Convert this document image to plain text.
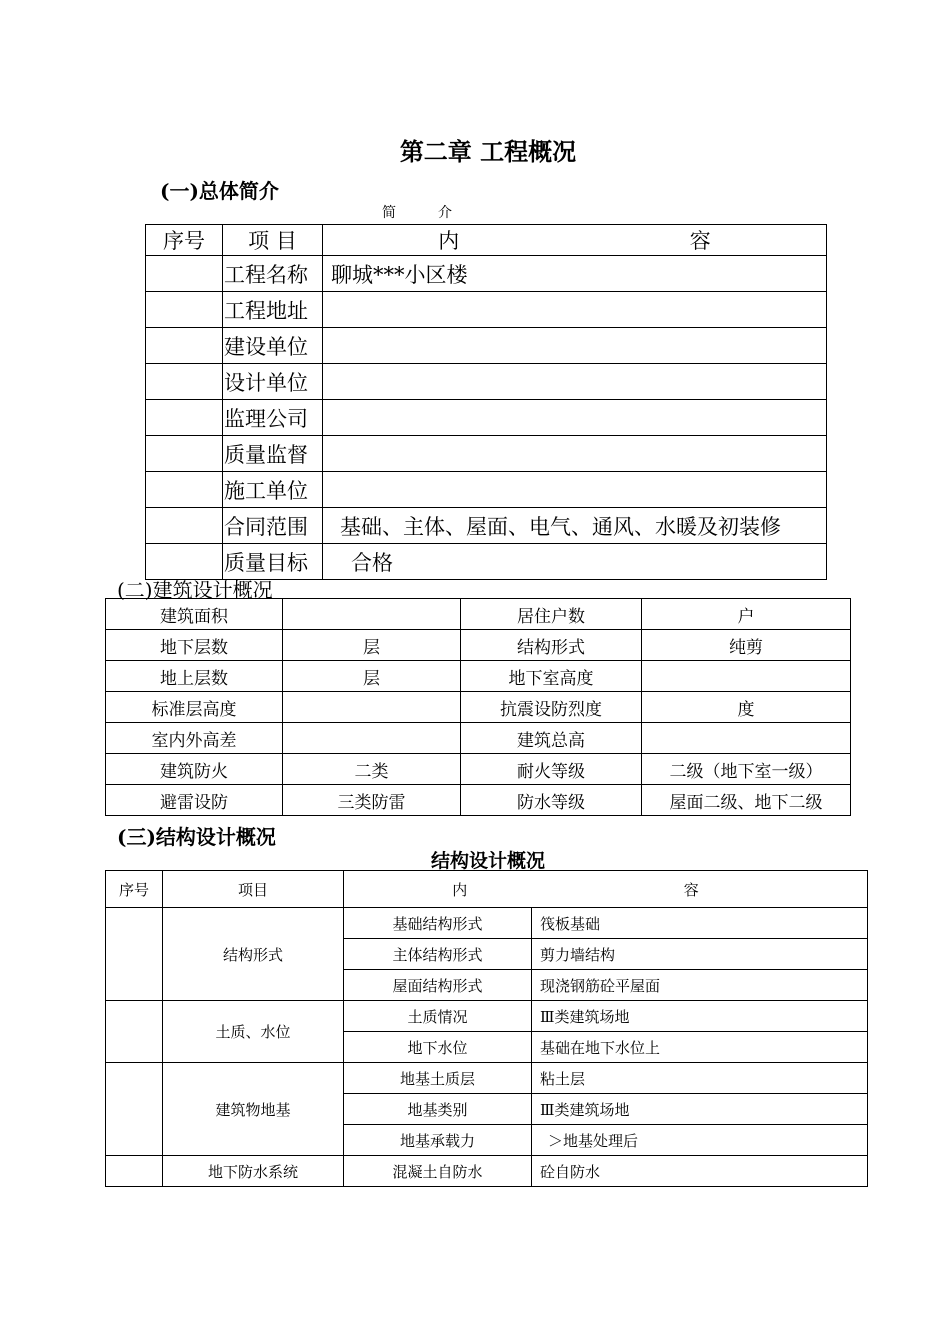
第二章 工程概况
(一)总体简介
简　　　介
序号	项 目	内 容

	工程名称	聊城***小区楼
	工程地址	
	建设单位	
	设计单位	
	监理公司	
	质量监督	
	施工单位	
	合同范围	基础、主体、屋面、电气、通风、水暖及初装修
	质量目标	合格
(二)建筑设计概况
建筑面积		居住户数	户
地下层数	层	结构形式	纯剪
地上层数	层	地下室高度	
标准层高度		抗震设防烈度	度
室内外高差		建筑总高	
建筑防火	二类	耐火等级	二级（地下室一级）
避雷设防	三类防雷	防水等级	屋面二级、地下二级
(三)结构设计概况
结构设计概况
序号	项目	内 容	

	结构形式	基础结构形式	筏板基础
		主体结构形式	剪力墙结构
		屋面结构形式	现浇钢筋砼平屋面
	土质、水位	土质情况	Ⅲ类建筑场地
		地下水位	基础在地下水位上
	建筑物地基	地基土质层	粘土层
		地基类别	Ⅲ类建筑场地
		地基承载力	＞地基处理后
	地下防水系统	混凝土自防水	砼自防水
